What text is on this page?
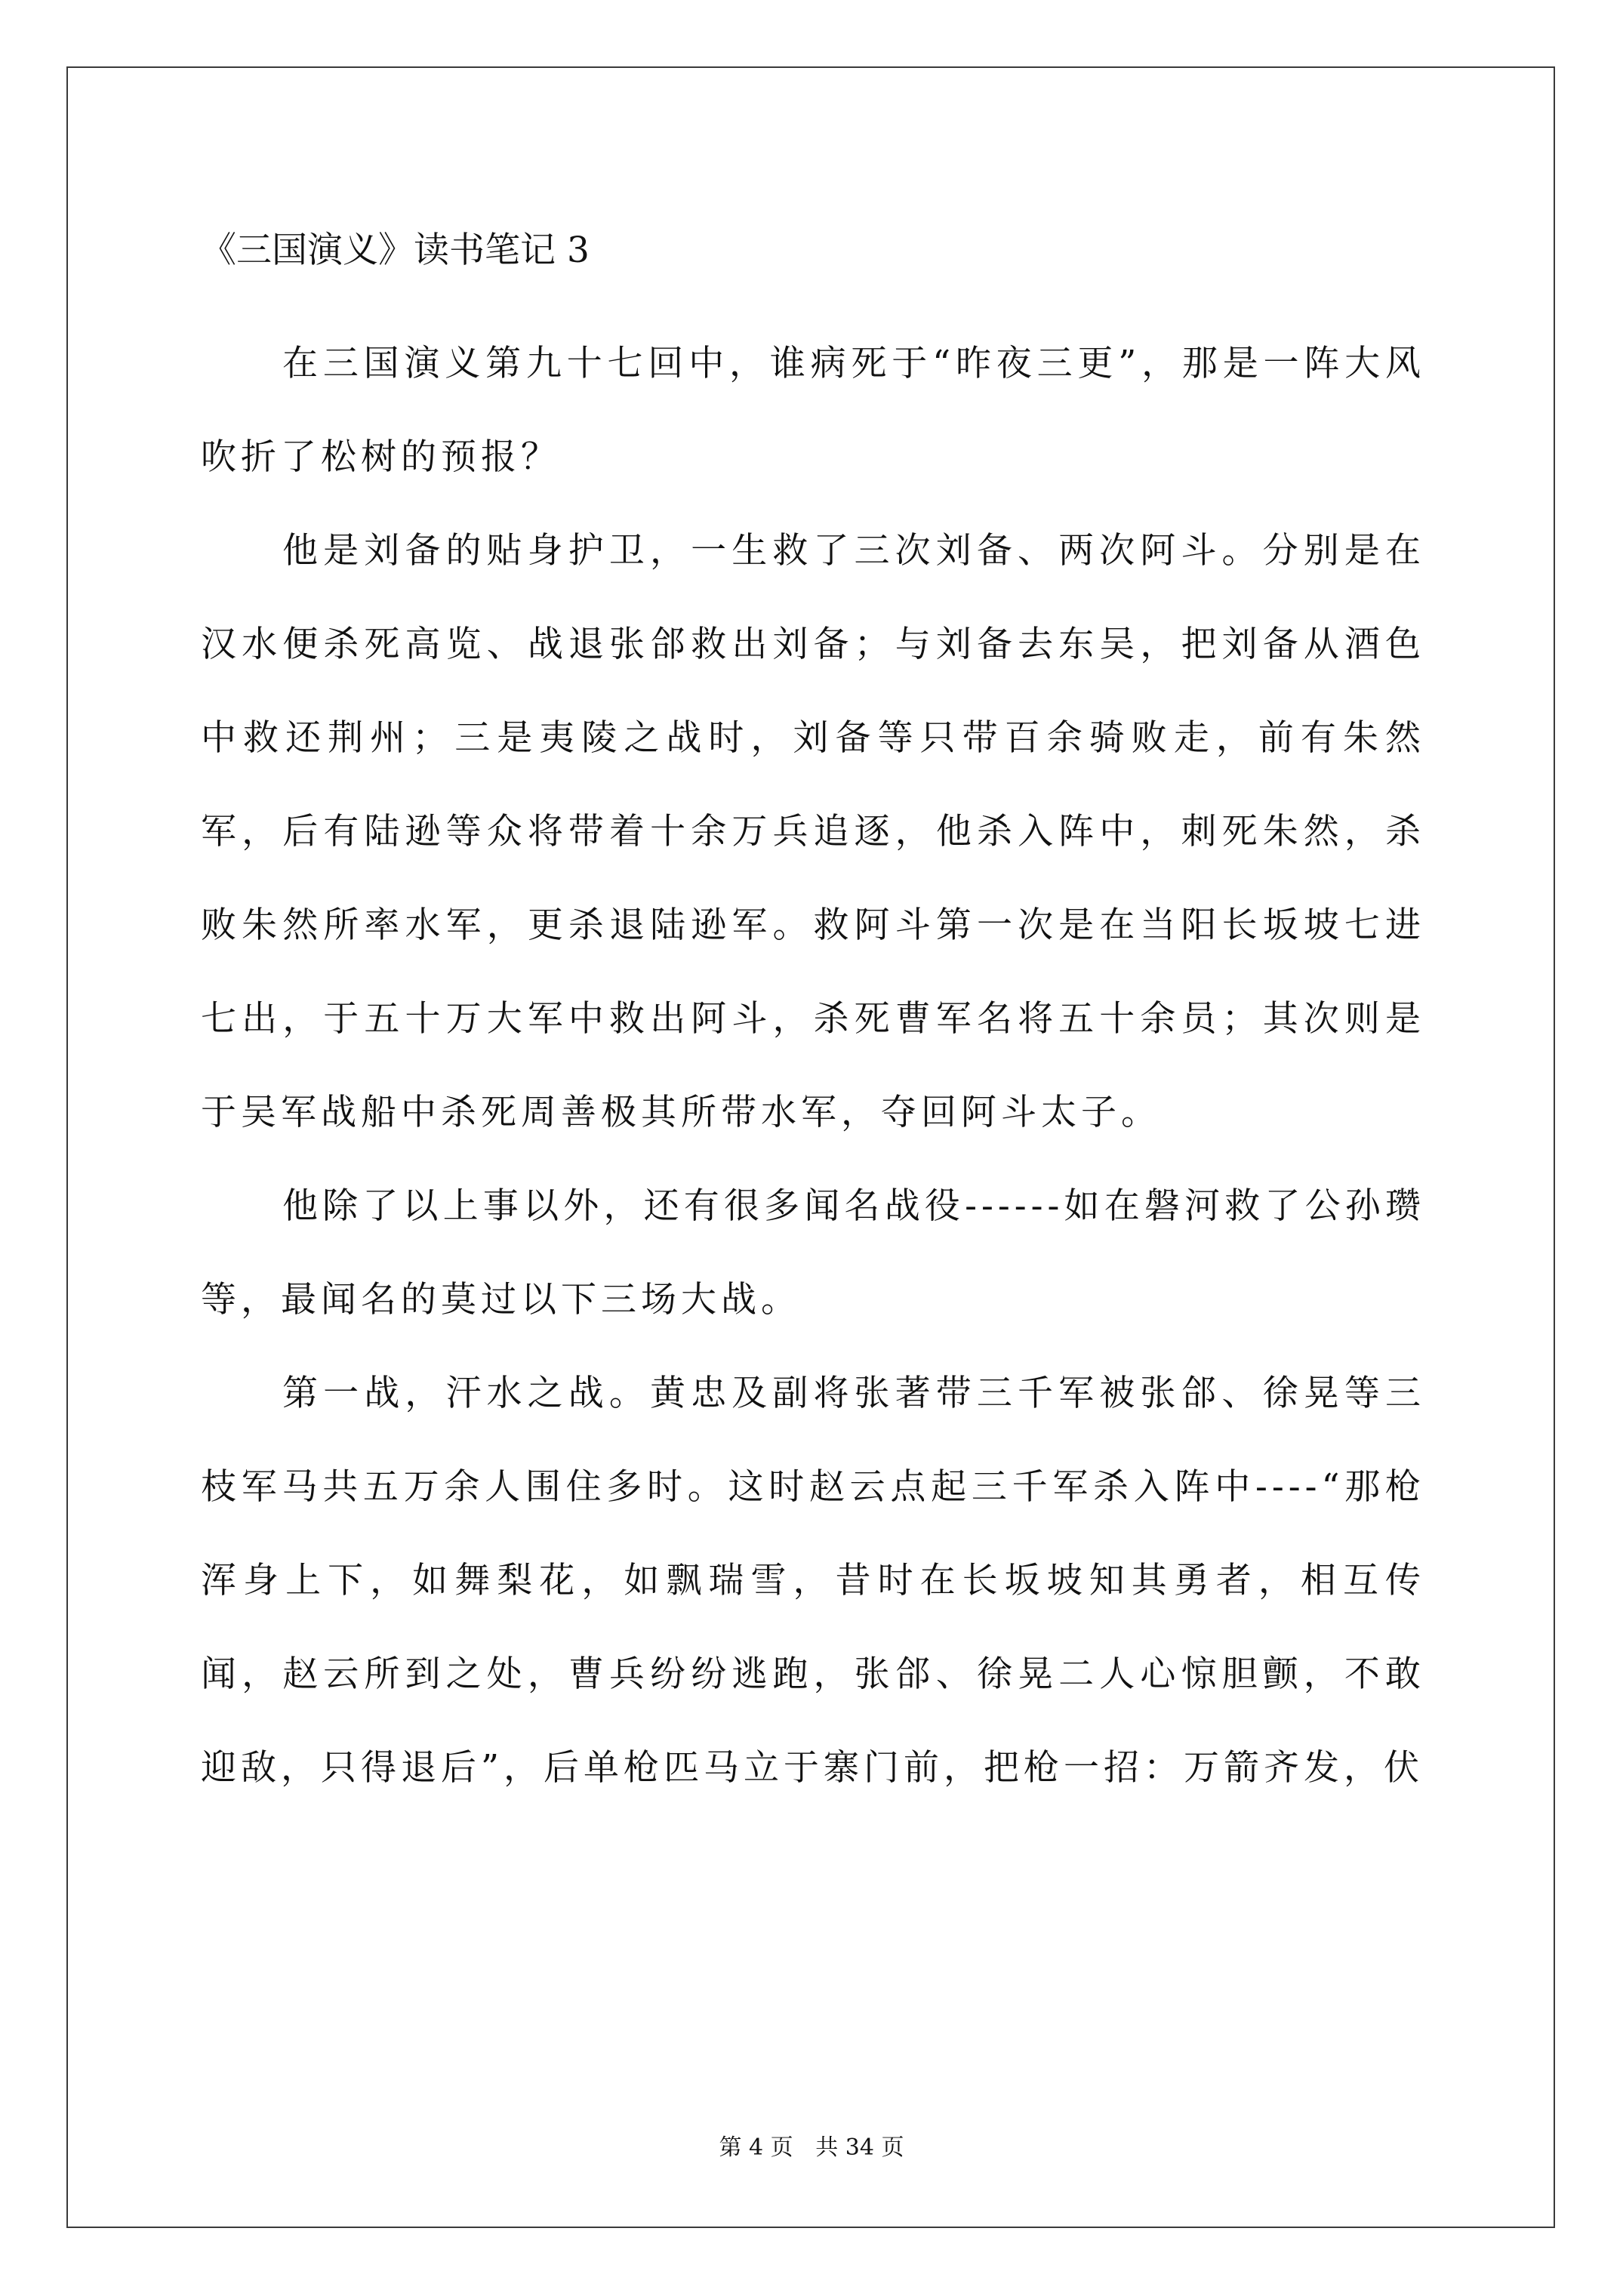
《三国演义》读书笔记 3

在三国演义第九十七回中，谁病死于“昨夜三更”，那是一阵大风吹折了松树的预报？

他是刘备的贴身护卫，一生救了三次刘备、两次阿斗。分别是在汉水便杀死高览、战退张郃救出刘备；与刘备去东吴，把刘备从酒色中救还荆州；三是夷陵之战时，刘备等只带百余骑败走，前有朱然军，后有陆逊等众将带着十余万兵追逐，他杀入阵中，刺死朱然，杀败朱然所率水军，更杀退陆逊军。救阿斗第一次是在当阳长坂坡七进七出，于五十万大军中救出阿斗，杀死曹军名将五十余员；其次则是于吴军战船中杀死周善极其所带水军，夺回阿斗太子。

他除了以上事以外，还有很多闻名战役------如在磐河救了公孙瓒等，最闻名的莫过以下三场大战。

第一战，汗水之战。黄忠及副将张著带三千军被张郃、徐晃等三枝军马共五万余人围住多时。这时赵云点起三千军杀入阵中----“那枪浑身上下，如舞梨花，如飘瑞雪，昔时在长坂坡知其勇者，相互传闻，赵云所到之处，曹兵纷纷逃跑，张郃、徐晃二人心惊胆颤，不敢迎敌，只得退后”，后单枪匹马立于寨门前，把枪一招：万箭齐发，伏

第 4 页 共 34 页
